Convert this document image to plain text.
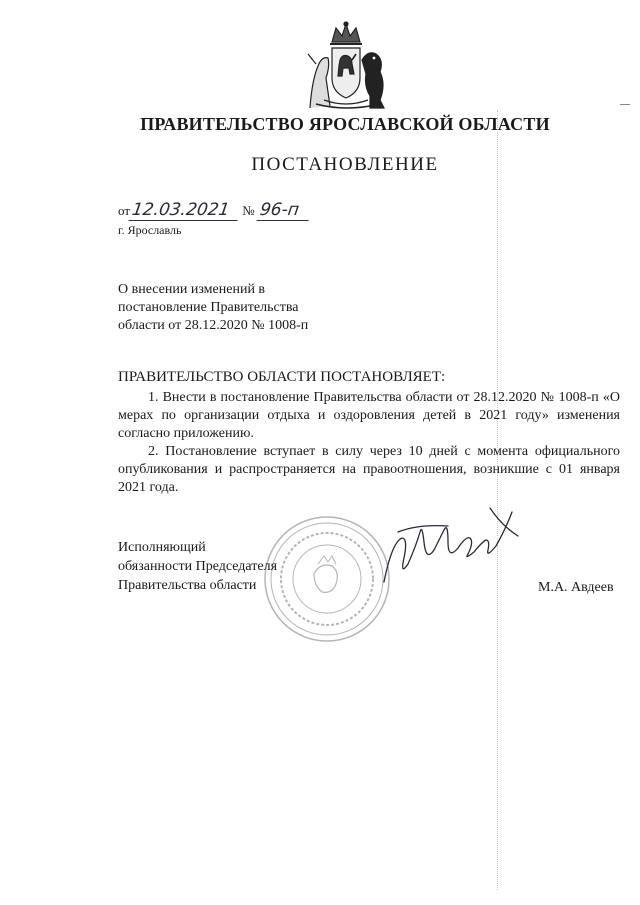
ПРАВИТЕЛЬСТВО ЯРОСЛАВСКОЙ ОБЛАСТИ
ПОСТАНОВЛЕНИЕ
от12.03.2021 № 96-п
г. Ярославль
О внесении изменений в
постановление Правительства
области от 28.12.2020 № 1008-п
ПРАВИТЕЛЬСТВО ОБЛАСТИ ПОСТАНОВЛЯЕТ:

1. Внести в постановление Правительства области от 28.12.2020 № 1008-п «О мерах по организации отдыха и оздоровления детей в 2021 году» изменения согласно приложению.

2. Постановление вступает в силу через 10 дней с момента официального опубликования и распространяется на правоотношения, возникшие с 01 января 2021 года.

Исполняющий
обязанности Председателя
Правительства области	М.А. Авдеев
